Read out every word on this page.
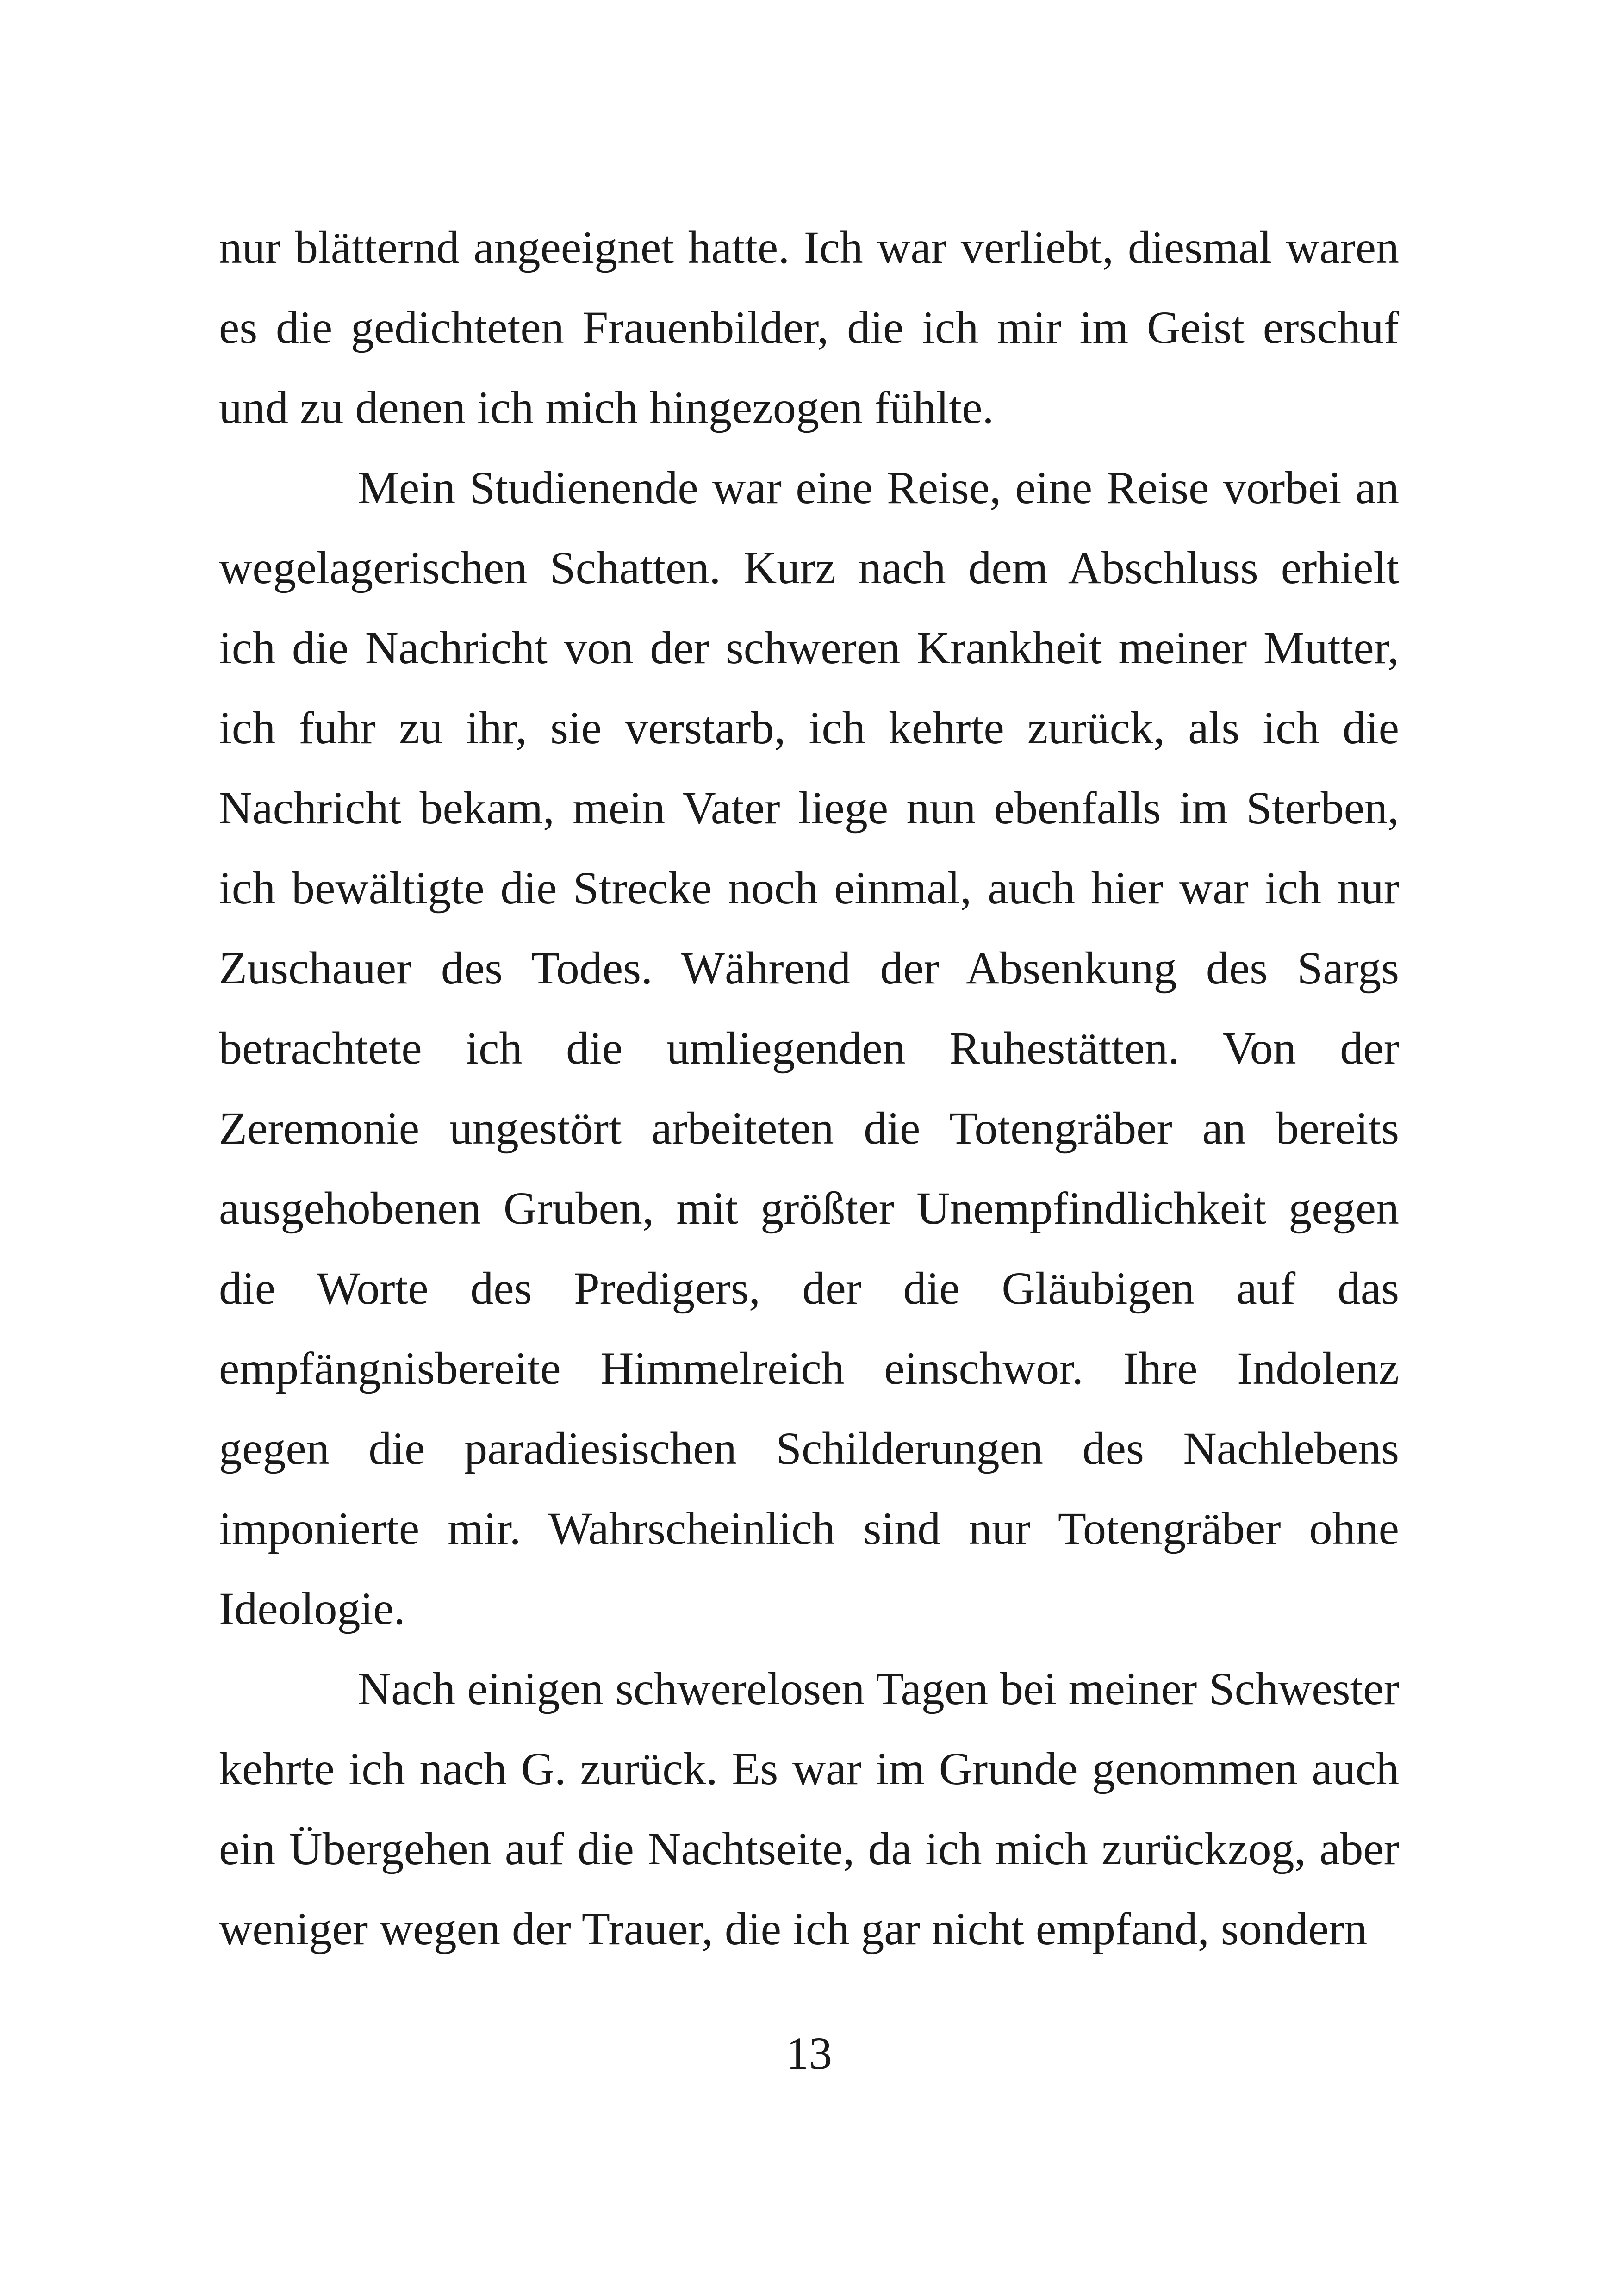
nur blätternd angeeignet hatte. Ich war verliebt, diesmal waren es die gedichteten Frauenbilder, die ich mir im Geist erschuf und zu denen ich mich hingezogen fühlte.

Mein Studienende war eine Reise, eine Reise vorbei an wegelagerischen Schatten. Kurz nach dem Abschluss erhielt ich die Nachricht von der schweren Krankheit meiner Mutter, ich fuhr zu ihr, sie verstarb, ich kehrte zurück, als ich die Nachricht bekam, mein Vater liege nun ebenfalls im Sterben, ich bewältigte die Strecke noch einmal, auch hier war ich nur Zuschauer des Todes. Während der Absenkung des Sargs betrachtete ich die umliegenden Ruhestätten. Von der Zeremonie ungestört arbeiteten die Totengräber an bereits ausgehobenen Gruben, mit größter Unempfindlichkeit gegen die Worte des Predigers, der die Gläubigen auf das empfängnisbereite Himmelreich einschwor. Ihre Indolenz gegen die paradiesischen Schilderungen des Nachlebens imponierte mir. Wahrscheinlich sind nur Totengräber ohne Ideologie.

Nach einigen schwerelosen Tagen bei meiner Schwester kehrte ich nach G. zurück. Es war im Grunde genommen auch ein Übergehen auf die Nachtseite, da ich mich zurückzog, aber weniger wegen der Trauer, die ich gar nicht empfand, sondern

13
